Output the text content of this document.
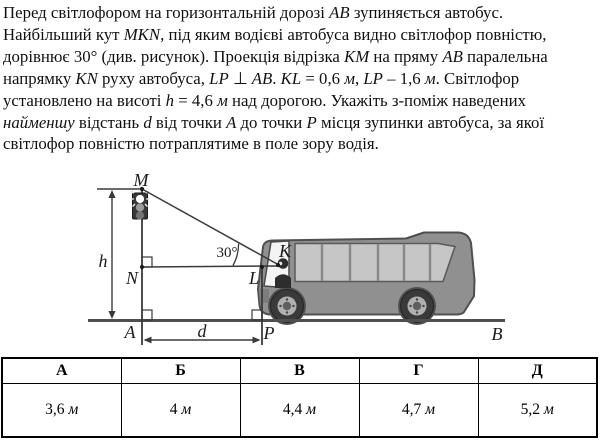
Перед світлофором на горизонтальній дорозі AB зупиняється автобус.
Найбільший кут MKN, під яким водієві автобуса видно світлофор повністю,
дорівнює 30° (див. рисунок). Проекція відрізка KM на пряму AB паралельна
напрямку KN руху автобуса, LP ⊥ AB. KL = 0,6 м, LP – 1,6 м. Світлофор
установлено на висоті h = 4,6 м над дорогою. Укажіть з-поміж наведених
найменшу відстань d від точки A до точки P місця зупинки автобуса, за якої
світлофор повністю потраплятиме в поле зору водія.
M
h
N	L
K
30°
A	d	P	B
А	Б	В	Г	Д
3,6 м	4 м	4,4 м	4,7 м	5,2 м
